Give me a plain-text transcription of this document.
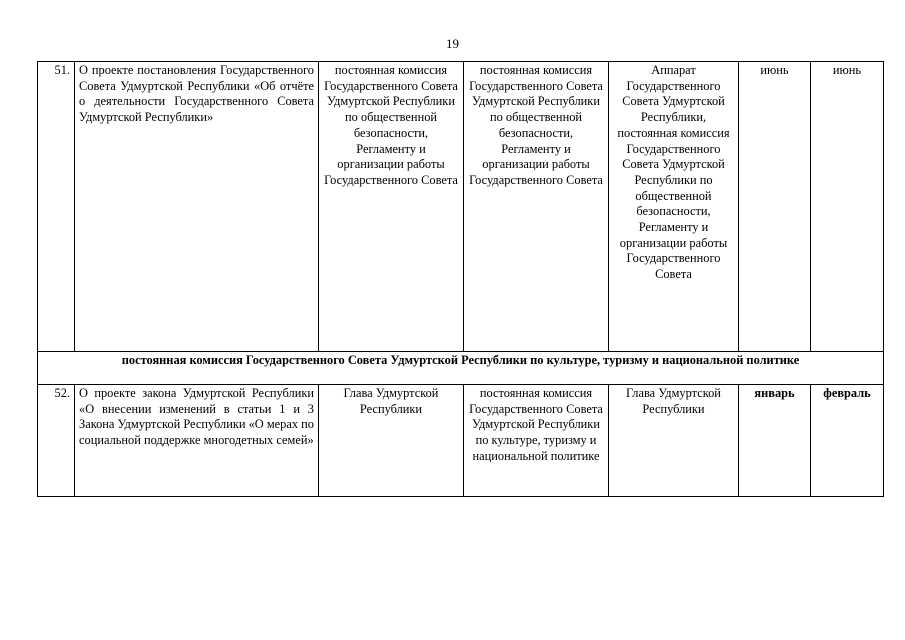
19
51.	О проекте постановления Государственного Совета Удмуртской Республики «Об отчёте о деятельности Государственного Совета Удмуртской Республики»	постоянная комиссия Государственного Совета Удмуртской Республики по общественной безопасности, Регламенту и организации работы Государственного Совета	постоянная комиссия Государственного Совета Удмуртской Республики по общественной безопасности, Регламенту и организации работы Государственного Совета	Аппарат Государственного Совета Удмуртской Республики, постоянная комиссия Государственного Совета Удмуртской Республики по общественной безопасности, Регламенту и организации работы Государственного Совета	июнь	июнь
постоянная комиссия Государственного Совета Удмуртской Республики по культуре, туризму и национальной политике						
52.	О проекте закона Удмуртской Республики «О внесении изменений в статьи 1 и 3 Закона Удмуртской Республики «О мерах по социальной поддержке многодетных семей»	Глава Удмуртской Республики	постоянная комиссия Государственного Совета Удмуртской Республики по культуре, туризму и национальной политике	Глава Удмуртской Республики	январь	февраль
